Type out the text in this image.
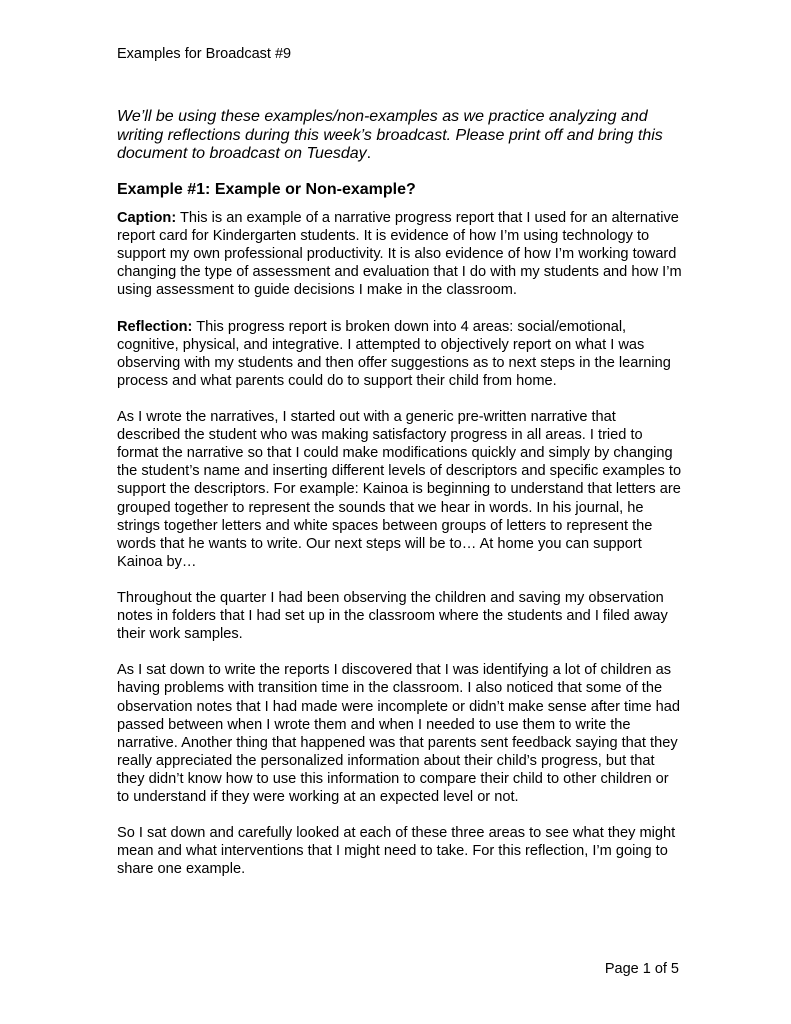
Examples for Broadcast #9

We’ll be using these examples/non-examples as we practice analyzing and writing reflections during this week’s broadcast. Please print off and bring this document to broadcast on Tuesday.

Example #1: Example or Non-example?

Caption: This is an example of a narrative progress report that I used for an alternative report card for Kindergarten students. It is evidence of how I’m using technology to support my own professional productivity. It is also evidence of how I’m working toward changing the type of assessment and evaluation that I do with my students and how I’m using assessment to guide decisions I make in the classroom.

Reflection: This progress report is broken down into 4 areas: social/emotional, cognitive, physical, and integrative. I attempted to objectively report on what I was observing with my students and then offer suggestions as to next steps in the learning process and what parents could do to support their child from home.

As I wrote the narratives, I started out with a generic pre-written narrative that described the student who was making satisfactory progress in all areas. I tried to format the narrative so that I could make modifications quickly and simply by changing the student’s name and inserting different levels of descriptors and specific examples to support the descriptors. For example: Kainoa is beginning to understand that letters are grouped together to represent the sounds that we hear in words. In his journal, he strings together letters and white spaces between groups of letters to represent the words that he wants to write. Our next steps will be to… At home you can support Kainoa by…

Throughout the quarter I had been observing the children and saving my observation notes in folders that I had set up in the classroom where the students and I filed away their work samples.

As I sat down to write the reports I discovered that I was identifying a lot of children as having problems with transition time in the classroom. I also noticed that some of the observation notes that I had made were incomplete or didn’t make sense after time had passed between when I wrote them and when I needed to use them to write the narrative. Another thing that happened was that parents sent feedback saying that they really appreciated the personalized information about their child’s progress, but that they didn’t know how to use this information to compare their child to other children or to understand if they were working at an expected level or not.

So I sat down and carefully looked at each of these three areas to see what they might mean and what interventions that I might need to take. For this reflection, I’m going to share one example.

Page 1 of 5
